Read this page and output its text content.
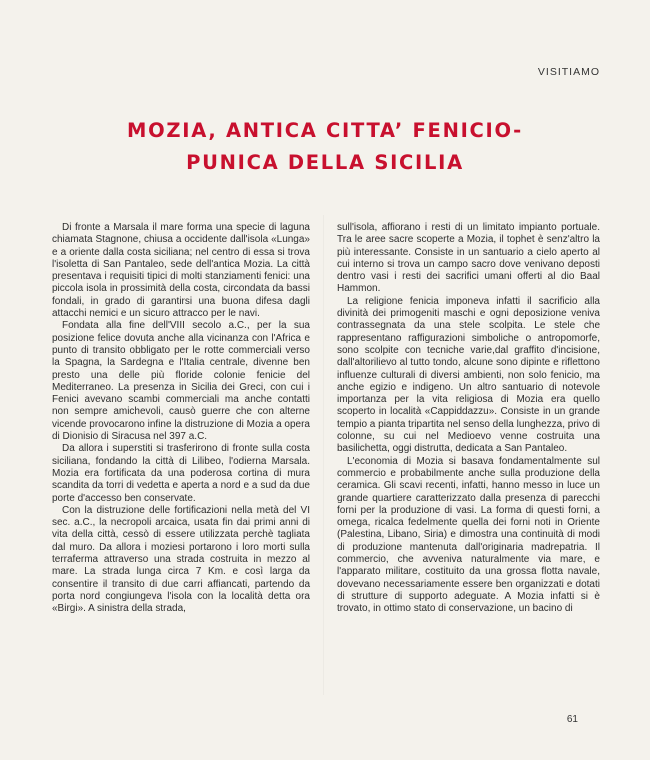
VISITIAMO
MOZIA, ANTICA CITTA’ FENICIO-
PUNICA DELLA SICILIA

Di fronte a Marsala il mare forma una specie di laguna chiamata Stagnone, chiusa a occidente dall'isola «Lunga» e a oriente dalla costa siciliana; nel centro di essa si trova l'isoletta di San Pantaleo, sede dell'antica Mozia. La città presentava i requisiti tipici di molti stanziamenti fenici: una piccola isola in prossimità della costa, circondata da bassi fondali, in grado di garantirsi una buona difesa dagli attacchi nemici e un sicuro attracco per le navi.

Fondata alla fine dell'VIII secolo a.C., per la sua posizione felice dovuta anche alla vicinanza con l'Africa e punto di transito obbligato per le rotte commerciali verso la Spagna, la Sardegna e l'Italia centrale, divenne ben presto una delle più floride colonie fenicie del Mediterraneo. La presenza in Sicilia dei Greci, con cui i Fenici avevano scambi commerciali ma anche contatti non sempre amichevoli, causò guerre che con alterne vicende provocarono infine la distruzione di Mozia a opera di Dionisio di Siracusa nel 397 a.C.

Da allora i superstiti si trasferirono di fronte sulla costa siciliana, fondando la città di Lilibeo, l'odierna Marsala. Mozia era fortificata da una poderosa cortina di mura scandita da torri di vedetta e aperta a nord e a sud da due porte d'accesso ben conservate.

Con la distruzione delle fortificazioni nella metà del VI sec. a.C., la necropoli arcaica, usata fin dai primi anni di vita della città, cessò di essere utilizzata perchè tagliata dal muro. Da allora i moziesi portarono i loro morti sulla terraferma attraverso una strada costruita in mezzo al mare. La strada lunga circa 7 Km. e così larga da consentire il transito di due carri affiancati, partendo da porta nord congiungeva l'isola con la località detta ora «Birgi». A sinistra della strada,

sull'isola, affiorano i resti di un limitato impianto portuale. Tra le aree sacre scoperte a Mozia, il tophet è senz'altro la più interessante. Consiste in un santuario a cielo aperto al cui interno si trova un campo sacro dove venivano deposti dentro vasi i resti dei sacrifici umani offerti al dio Baal Hammon.

La religione fenicia imponeva infatti il sacrificio alla divinità dei primogeniti maschi e ogni deposizione veniva contrassegnata da una stele scolpita. Le stele che rappresentano raffigurazioni simboliche o antropomorfe, sono scolpite con tecniche varie,dal graffito d'incisione, dall'altorilievo al tutto tondo, alcune sono dipinte e riflettono influenze culturali di diversi ambienti, non solo fenicio, ma anche egizio e indigeno. Un altro santuario di notevole importanza per la vita religiosa di Mozia era quello scoperto in località «Cappiddazzu». Consiste in un grande tempio a pianta tripartita nel senso della lunghezza, privo di colonne, su cui nel Medioevo venne costruita una basilichetta, oggi distrutta, dedicata a San Pantaleo.

L'economia di Mozia si basava fondamentalmente sul commercio e probabilmente anche sulla produzione della ceramica. Gli scavi recenti, infatti, hanno messo in luce un grande quartiere caratterizzato dalla presenza di parecchi forni per la produzione di vasi. La forma di questi forni, a omega, ricalca fedelmente quella dei forni noti in Oriente (Palestina, Libano, Siria) e dimostra una continuità di modi di produzione mantenuta dall'originaria madrepatria. Il commercio, che avveniva naturalmente via mare, e l'apparato militare, costituito da una grossa flotta navale, dovevano necessariamente essere ben organizzati e dotati di strutture di supporto adeguate. A Mozia infatti si è trovato, in ottimo stato di conservazione, un bacino di

61
